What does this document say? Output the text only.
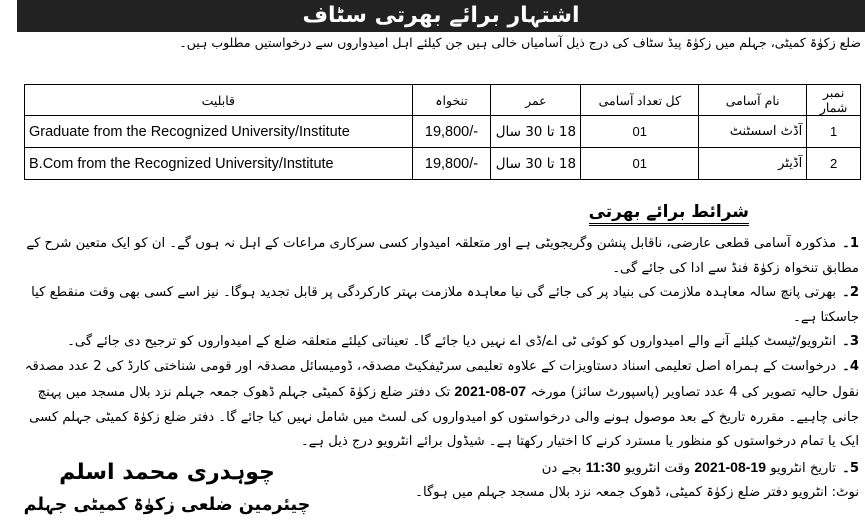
اشتہار برائے بھرتی سٹاف
ضلع زکوٰۃ کمیٹی، جہلم میں زکوٰۃ پیڈ سٹاف کی درج ذیل آسامیاں خالی ہیں جن کیلئے اہل امیدواروں سے درخواستیں مطلوب ہیں۔
قابلیت	تنخواہ	عمر	کل تعداد آسامی	نام آسامی	نمبر شمار
Graduate from the Recognized University/Institute	19,800/-	18 تا 30 سال	01	آڈٹ اسسٹنٹ	1
B.Com from the Recognized University/Institute	19,800/-	18 تا 30 سال	01	آڈیٹر	2
شرائط برائے بھرتی

1۔مذکورہ آسامی قطعی عارضی، ناقابل پنشن وگریجویٹی ہے اور متعلقہ امیدوار کسی سرکاری مراعات کے اہل نہ ہوں گے۔ ان کو ایک متعین شرح کے مطابق تنخواہ زکوٰۃ فنڈ سے ادا کی جائے گی۔

2۔بھرتی پانچ سالہ معاہدہ ملازمت کی بنیاد پر کی جائے گی نیا معاہدہ ملازمت بہتر کارکردگی پر قابل تجدید ہوگا۔ نیز اسے کسی بھی وقت منقطع کیا جاسکتا ہے۔

3۔انٹرویو/ٹیسٹ کیلئے آنے والے امیدواروں کو کوئی ٹی اے/ڈی اے نہیں دیا جائے گا۔ تعیناتی کیلئے متعلقہ ضلع کے امیدواروں کو ترجیح دی جائے گی۔

4۔درخواست کے ہمراہ اصل تعلیمی اسناد دستاویزات کے علاوہ تعلیمی سرٹیفکیٹ مصدقہ، ڈومیسائل مصدقہ اور قومی شناختی کارڈ کی 2 عدد مصدقہ نقول حالیہ تصویر کی 4 عدد تصاویر (پاسپورٹ سائز) مورخہ 07-08-2021 تک دفتر ضلع زکوٰۃ کمیٹی جہلم ڈھوک جمعہ جہلم نزد بلال مسجد میں پہنچ جانی چاہیے۔ مقررہ تاریخ کے بعد موصول ہونے والی درخواستوں کو امیدواروں کی لسٹ میں شامل نہیں کیا جائے گا۔ دفتر ضلع زکوٰۃ کمیٹی جہلم کسی ایک یا تمام درخواستوں کو منظور یا مسترد کرنے کا اختیار رکھتا ہے۔ شیڈول برائے انٹرویو درج ذیل ہے۔

5۔تاریخ انٹرویو 19-08-2021 وقت انٹرویو 11:30 بجے دن

نوٹ: انٹرویو دفتر ضلع زکوٰۃ کمیٹی، ڈھوک جمعہ نزد بلال مسجد جہلم میں ہوگا۔

چوہدری محمد اسلم
چیئرمین ضلعی زکوٰۃ کمیٹی جہلم
